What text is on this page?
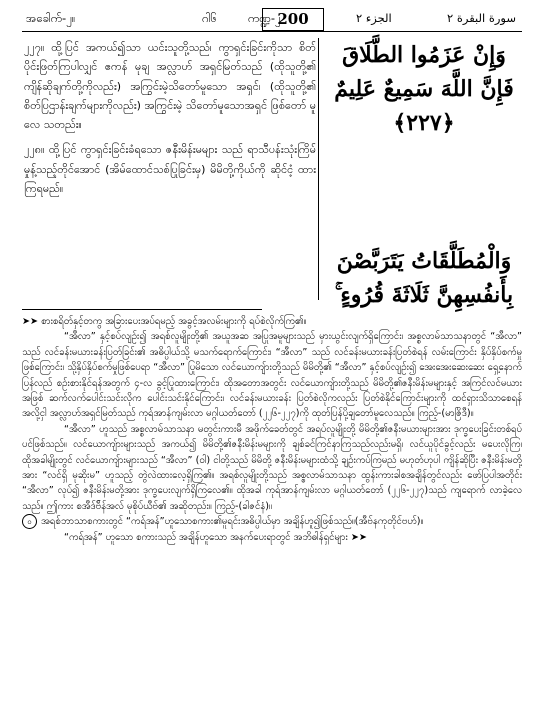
အခေါက်-၂။	ဂါ၆	ကဏ္ဍ-၂
200	الجزء ٢	سورة البقرة ٢
၂၂၇။ ထို့ပြင် အကယ်၍သာ ယင်းသူတို့သည်၊ ကွာရှင်းခြင်းကိုသာ စိတ်ပိုင်းဖြတ်ကြပါလျှင် ဧကန် မုချ အလ္လာဟ် အရှင်မြတ်သည် (ထိုသူတို့၏ ကျိန်ဆိုချက်တို့ကိုလည်း) အကြွင်းမဲ့သိတော်မူသော အရှင်၊ (ထိုသူတို့၏ စိတ်ပြဌာန်းချက်များကိုလည်း) အကြွင်းမဲ့ သိတော်မူသောအရှင် ဖြစ်တော် မူလေ သတည်း။
၂၂၈။ ထို့ပြင် ကွာရှင်းခြင်းခံရသော ဇနီးမိန်းမများ သည် ရာသီပန်းသုံးကြိမ် မှုန့်သည့်တိုင်အောင် (အိမ်ထောင်သစ်ပြုခြင်းမှ) မိမိတို့ကိုယ်ကို ဆိုင်ငံ့ ထားကြရမည်။
وَإِنْ عَزَمُوا الطَّلَاقَ فَإِنَّ اللَّهَ سَمِيعٌ عَلِيمٌ ﴿٢٢٧﴾
وَالْمُطَلَّقَاتُ يَتَرَبَّصْنَ بِأَنفُسِهِنَّ ثَلَاثَةَ قُرُوءٍ ۚ

➤➤ စားစရိတ်နှင့်တကွ အခြားပေးအပ်ရမည့် အခွင့်အလမ်းများကို ရပ်စဲလိုက်ကြ၏။

“အီလာ” နှင့်စပ်လျဉ်း၍ အရစ်လူမျိုးတို့၏ အယူအဆ အပြုအမူများသည် မှားယွင်းလျက်ရှိကြောင်း၊ အစ္စလာမ်သာသနာတွင် “အီလာ” သည် လင်ခန်းမယားခန်းပြတ်ခြင်း၏ အဓိပ္ပါယ်သို့ မသက်ရောက်ကြောင်း၊ “အီလာ” သည် လင်ခန်းမယားခန်းပြတ်စဲရန် လမ်းကြောင်း နှိပ်နှိပ်စက်မှုဖြစ်ကြောင်း၊ သို့နှိပ်နှိပ်စက်မှုဖြစ်ပေရာ “အီလာ” ပြုမိသော လင်ယောကျ်ားတို့သည် မိမိတို့၏ “အီလာ” နှင့်စပ်လျဉ်း၍ အေးအေးဆေးဆေး ရှေ့နောက်ပြန်လည် စဉ်းစားနိုင်ရန်အတွက် ၄-လ ခွင့်ပြုထားကြောင်း၊ ထိုအတောအတွင်း လင်ယောကျ်ားတို့သည် မိမိတို့၏ဇနီးမိန်းမများနှင့် အကြင်လင်မယားအဖြစ် ဆက်လက်ပေါင်းသင်းလိုက ပေါင်းသင်းနိုင်ကြောင်း၊ လင်ခန်းမယားခန်း ပြတ်စဲလိုကလည်း ပြတ်စဲနိုင်ကြောင်းများကို ထင်ရှားသိသာစေရန် အလို့ငှါ အလ္လာဟ်အရှင်မြတ်သည် ကုရ်အာန်ကျမ်းလာ မဂ္ဂါယတ်တော် (၂၂၆-၂၂၇)ကို ထုတ်ပြန်ပို့ချတော်မူလေသည်။ ကြည့်-(မာဇြိဒီ)။

“အီလာ” ဟူသည် အစ္စလာမ်သာသနာ မတွင်းကားမီ အဖိုက်ခေတ်တွင် အရပ်လူမျိုးတို့ မိမိတို့၏ဇနီးမယားများအား ဒုက္ခပေးခြင်းတစ်ရပ်ပင်ဖြစ်သည်။ လင်ယောကျ်ားများသည် အကယ်၍ မိမိတို့၏ဇနီးမိန်းမများကို ချစ်ခင်ကြင်နာကြသည်လည်းမရှိ၊ လင်ယူပိုင်ခွင့်လည်း မပေးလိုကြ၊ ထိုအခါမျိုးတွင် လင်ယောကျ်ားများသည် “အီလာ” (ဝါ) ငါတို့သည် မိမိတို့ ဇနီးမိန်းမများထံသို့ ချဉ်းကပ်ကြမည် မဟုတ်ဟုပါ ကျိန်ဆိုပြီး ဇနီးမိန်းမတို့အား “လင်ရှိ မုဆိုးမ” ဟူသည့် တွဲလဲထားလေ့ရှိကြ၏။ အရစ်လူမျိုးတို့သည် အစ္စလာမ်သာသနာ ထွန်းကားခါစအချိန်တွင်လည်း ဖော်ပြပါအတိုင်း “အီလာ” လုပ်၍ ဇနီးမိန်းမတို့အား ဒုက္ခပေးလျက်ရှိကြလေ၏။ ထိုအခါ ကုရ်အာန်ကျမ်းလာ မဂ္ဂါယတ်တော် (၂၂၆-၂၂၇)သည် ကျရောက် လာခဲ့လေသည်။ ဤကား စအီဒ်ဗ်ိန်အလ် မုစိုပ်ယီဗ်၏ အဆိုတည်း။ ကြည့်-(ခါဇင်နံ)။

၀ အရစ်ဘာသာစကားတွင် “ကရ်အန်”ဟူသောစကား၏မူရင်းအဓိပ္ပါယ်မှာ အချိန်ဟူ၍ဖြစ်သည်။(အီဗ်နကုတိုင်ဗဟ်)။

“ကရ်အန်” ဟူသော စကားသည် အချိန်ဟူသော အနက်ပေးရာတွင် အဘိဓါန်ရှင်များ ➤➤
